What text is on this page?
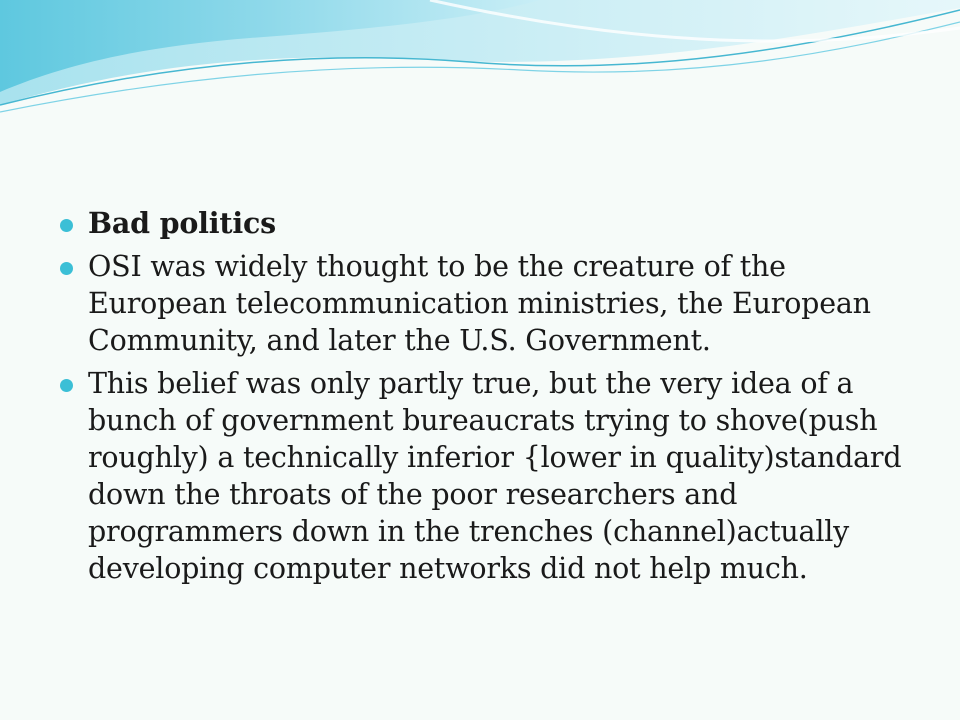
Bad politics
OSI was widely thought to be the creature of the European telecommunication ministries, the European Community, and later the U.S. Government.
This belief was only partly true, but the very idea of a bunch of government bureaucrats trying to shove(push roughly) a technically inferior {lower in quality)standard down the throats of the poor researchers and programmers down in the trenches (channel)actually developing computer networks did not help much.
